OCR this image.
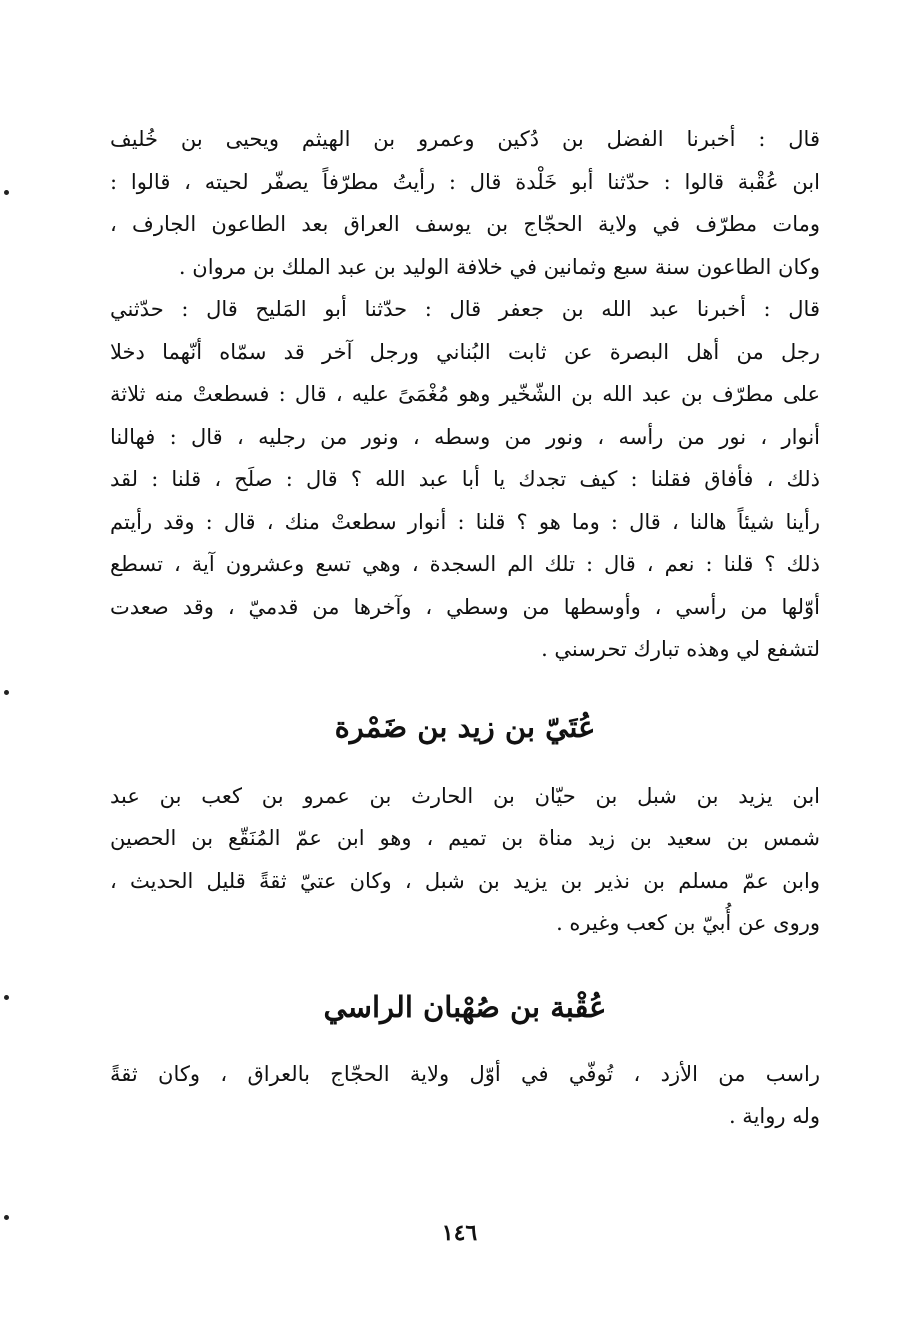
قال : أخبرنا الفضل بن دُكين وعمرو بن الهيثم ويحيى بن خُليف
ابن عُقْبة قالوا : حدّثنا أبو خَلْدة قال : رأيتُ مطرّفاً يصفّر لحيته ، قالوا :
ومات مطرّف في ولاية الحجّاج بن يوسف العراق بعد الطاعون الجارف ،
وكان الطاعون سنة سبع وثمانين في خلافة الوليد بن عبد الملك بن مروان .
قال : أخبرنا عبد الله بن جعفر قال : حدّثنا أبو المَليح قال : حدّثني
رجل من أهل البصرة عن ثابت البُناني ورجل آخر قد سمّاه أنّهما دخلا
على مطرّف بن عبد الله بن الشّخّير وهو مُغْمَىً عليه ، قال : فسطعتْ منه ثلاثة
أنوار ، نور من رأسه ، ونور من وسطه ، ونور من رجليه ، قال : فهالنا
ذلك ، فأفاق فقلنا : كيف تجدك يا أبا عبد الله ؟ قال : صلَح ، قلنا : لقد
رأينا شيئاً هالنا ، قال : وما هو ؟ قلنا : أنوار سطعتْ منك ، قال : وقد رأيتم
ذلك ؟ قلنا : نعم ، قال : تلك الم السجدة ، وهي تسع وعشرون آية ، تسطع
أوّلها من رأسي ، وأوسطها من وسطي ، وآخرها من قدميّ ، وقد صعدت
لتشفع لي وهذه تبارك تحرسني .
عُتَيّ بن زيد بن ضَمْرة
ابن يزيد بن شبل بن حيّان بن الحارث بن عمرو بن كعب بن عبد
شمس بن سعيد بن زيد مناة بن تميم ، وهو ابن عمّ المُنَقّع بن الحصين
وابن عمّ مسلم بن نذير بن يزيد بن شبل ، وكان عتيّ ثقةً قليل الحديث ،
وروى عن أُبيّ بن كعب وغيره .
عُقْبة بن صُهْبان الراسي
راسب من الأزد ، تُوفّي في أوّل ولاية الحجّاج بالعراق ، وكان ثقةً
وله رواية .
١٤٦
